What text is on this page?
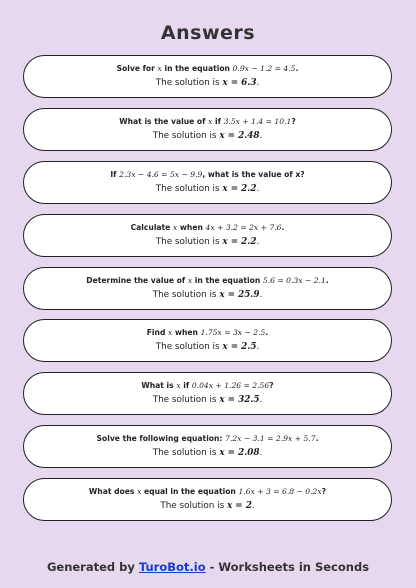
Answers
Solve for x in the equation 0.9x − 1.2 = 4.5.
The solution is x = 6.3.
What is the value of x if 3.5x + 1.4 = 10.1?
The solution is x = 2.48.
If 2.3x − 4.6 = 5x − 9.9, what is the value of x?
The solution is x = 2.2.
Calculate x when 4x + 3.2 = 2x + 7.6.
The solution is x = 2.2.
Determine the value of x in the equation 5.6 = 0.3x − 2.1.
The solution is x = 25.9.
Find x when 1.75x = 3x − 2.5.
The solution is x = 2.5.
What is x if 0.04x + 1.26 = 2.56?
The solution is x = 32.5.
Solve the following equation: 7.2x − 3.1 = 2.9x + 5.7.
The solution is x = 2.08.
What does x equal in the equation 1.6x + 3 = 6.8 − 0.2x?
The solution is x = 2.
Generated by TuroBot.io - Worksheets in Seconds
